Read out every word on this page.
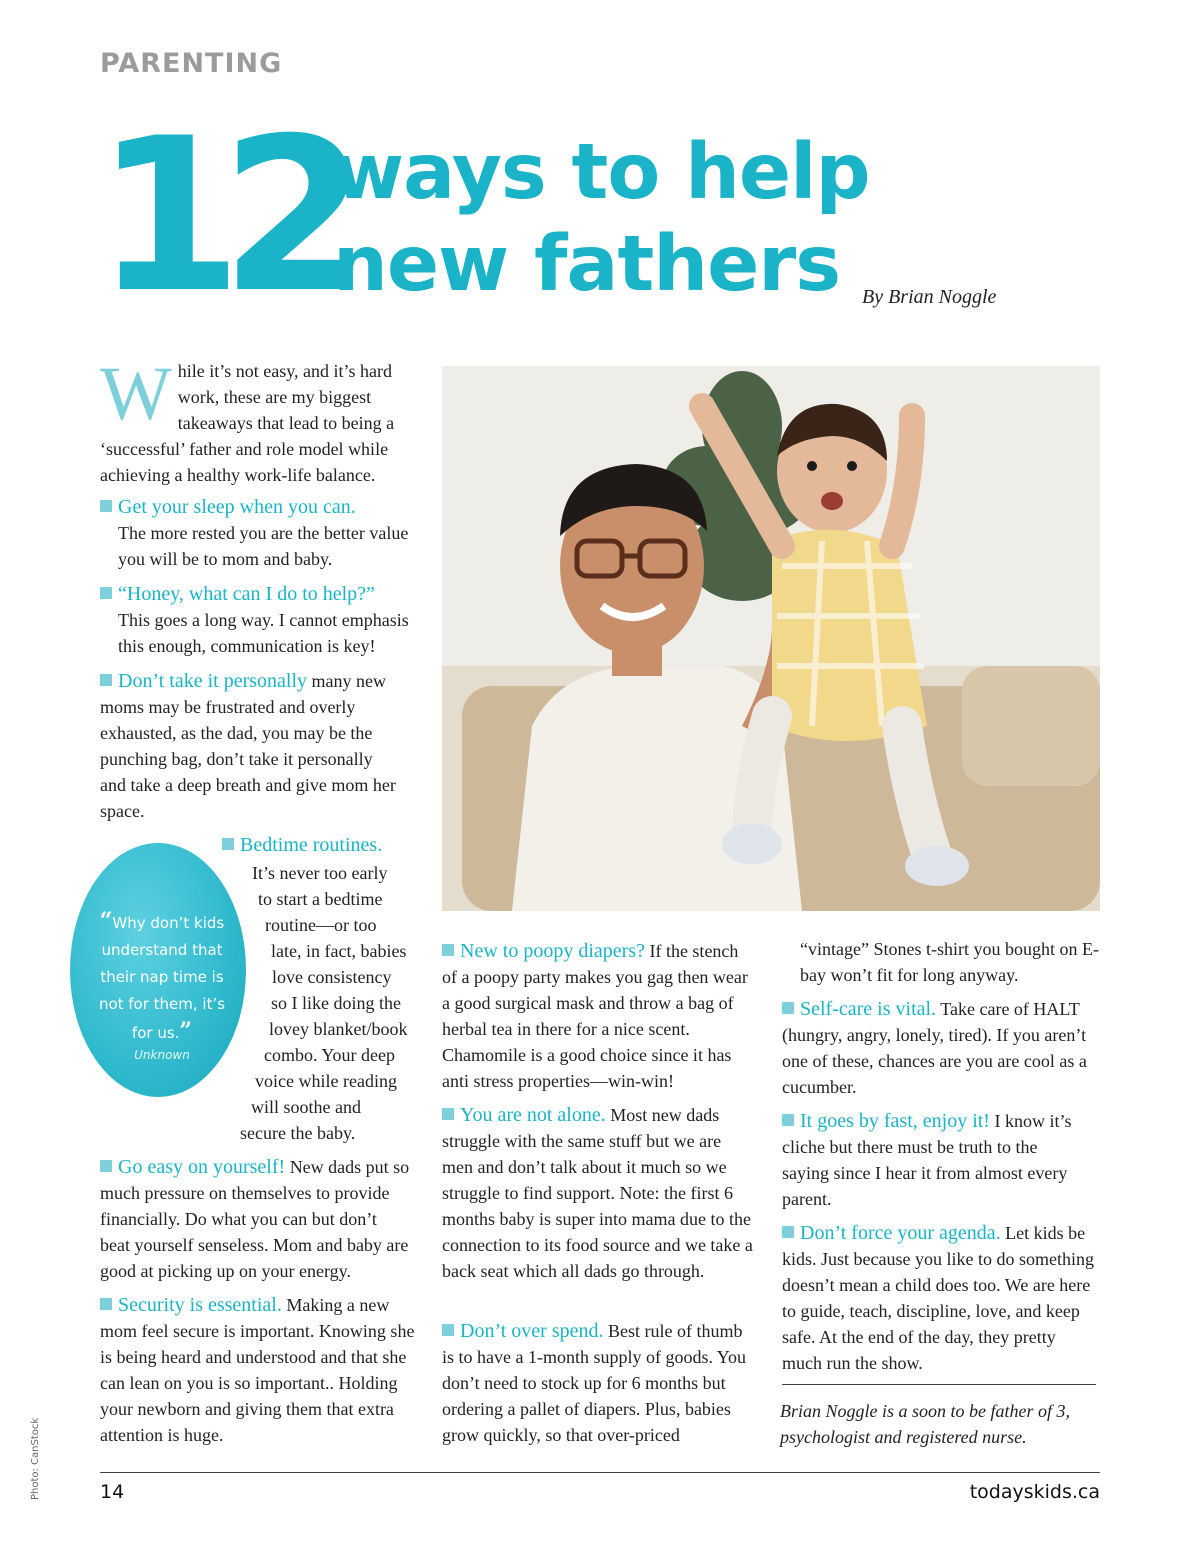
PARENTING
12
ways to help
new fathers By Brian Noggle
While it’s not easy, and it’s hard work, these are my biggest takeaways that lead to being a ‘successful’ father and role model while achieving a healthy work-life balance.
Get your sleep when you can.
The more rested you are the better value you will be to mom and baby.
“Honey, what can I do to help?”
This goes a long way. I cannot emphasis this enough, communication is key!
Don’t take it personally many new moms may be frustrated and overly exhausted, as the dad, you may be the punching bag, don’t take it personally and take a deep breath and give mom her space.
“Why don’t kids understand that their nap time is not for them, it’s for us.”
Unknown
Bedtime routines.
It’s never too early
to start a bedtime
routine—or too
late, in fact, babies
love consistency
so I like doing the
lovey blanket/book
combo. Your deep
voice while reading
will soothe and
secure the baby.
Go easy on yourself! New dads put so much pressure on themselves to provide financially. Do what you can but don’t beat yourself senseless. Mom and baby are good at picking up on your energy.
Security is essential. Making a new mom feel secure is important. Knowing she is being heard and understood and that she can lean on you is so important.. Holding your newborn and giving them that extra attention is huge.
New to poopy diapers? If the stench of a poopy party makes you gag then wear a good surgical mask and throw a bag of herbal tea in there for a nice scent. Chamomile is a good choice since it has anti stress properties—win-win!
You are not alone. Most new dads struggle with the same stuff but we are men and don’t talk about it much so we struggle to find support. Note: the first 6 months baby is super into mama due to the connection to its food source and we take a back seat which all dads go through.
Don’t over spend. Best rule of thumb is to have a 1-month supply of goods. You don’t need to stock up for 6 months but ordering a pallet of diapers. Plus, babies grow quickly, so that over-priced
“vintage” Stones t-shirt you bought on E-bay won’t fit for long anyway.
Self-care is vital. Take care of HALT (hungry, angry, lonely, tired). If you aren’t one of these, chances are you are cool as a cucumber.
It goes by fast, enjoy it! I know it’s cliche but there must be truth to the saying since I hear it from almost every parent.
Don’t force your agenda. Let kids be kids. Just because you like to do something doesn’t mean a child does too. We are here to guide, teach, discipline, love, and keep safe. At the end of the day, they pretty much run the show.
Brian Noggle is a soon to be father of 3, psychologist and registered nurse.
14	todayskids.ca
Photo: CanStock
